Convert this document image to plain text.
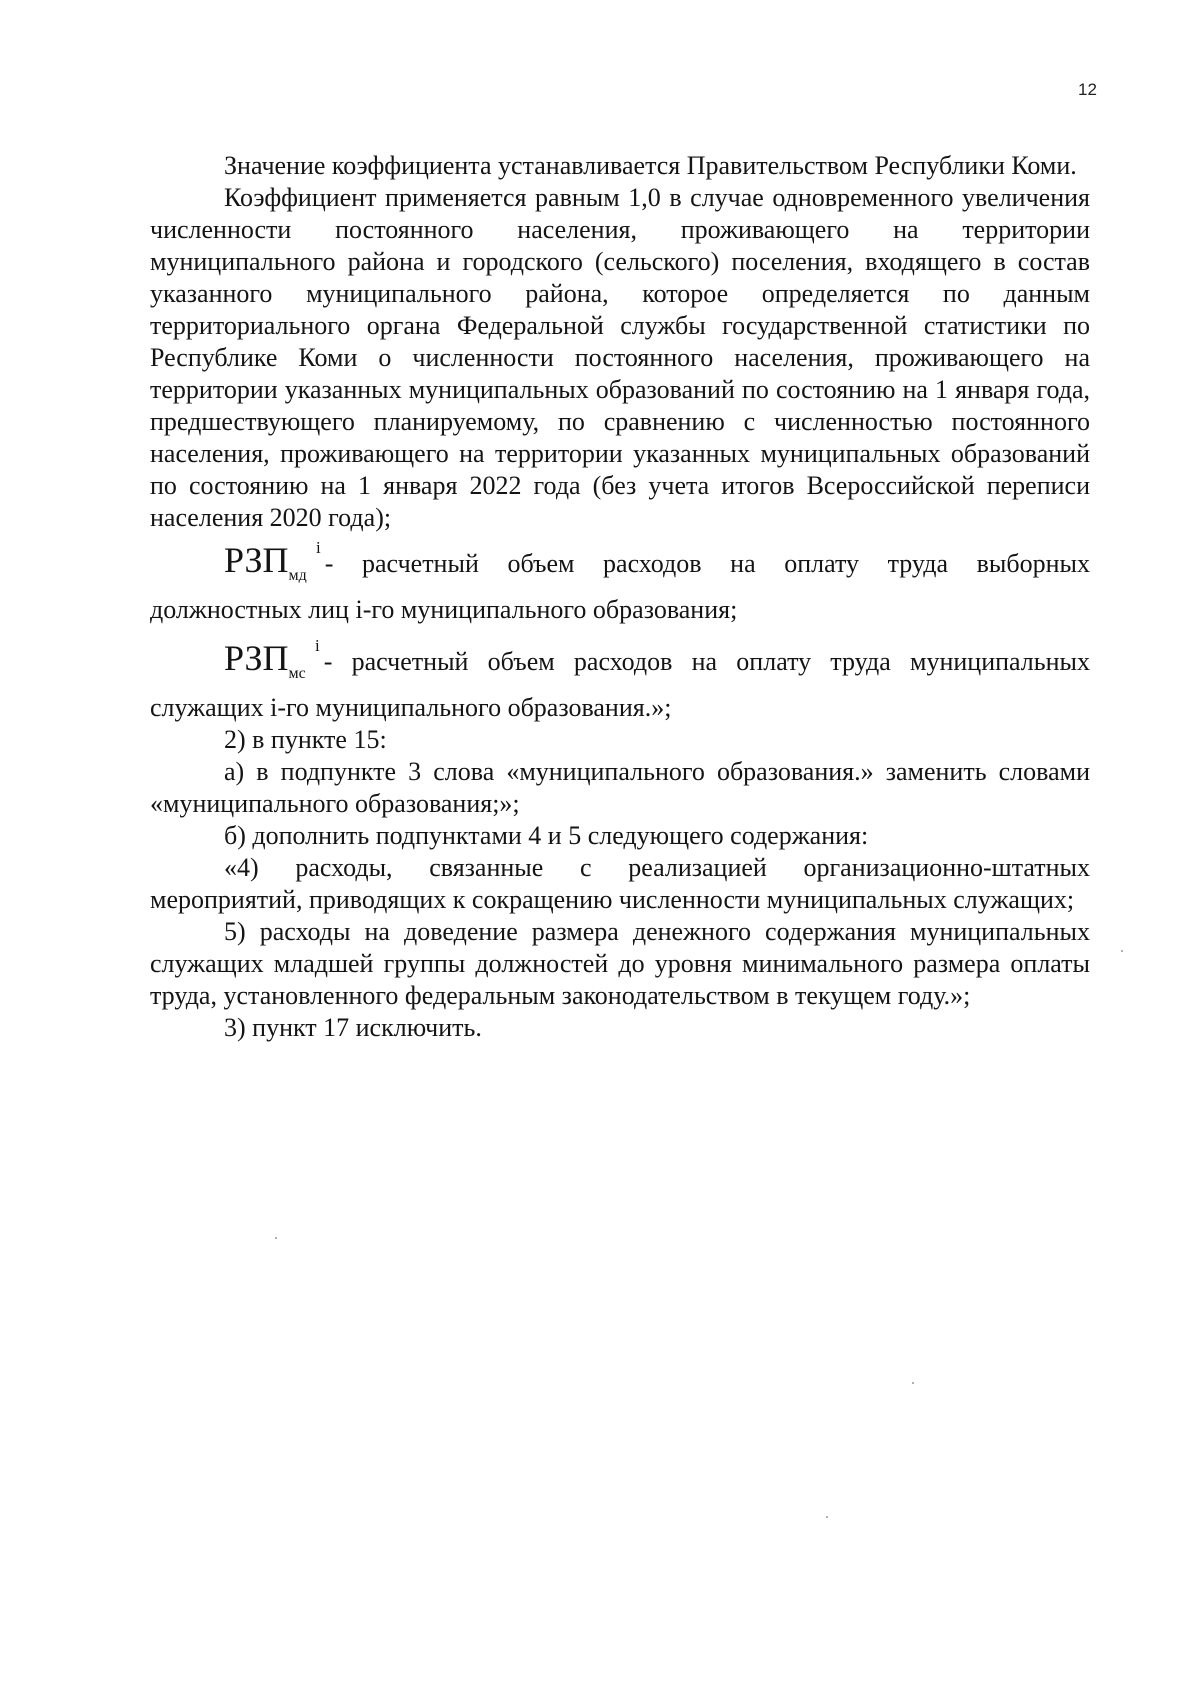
12

Значение коэффициента устанавливается Правительством Республики Коми.

Коэффициент применяется равным 1,0 в случае одновременного увеличения численности постоянного населения, проживающего на территории муниципального района и городского (сельского) поселения, входящего в состав указанного муниципального района, которое определяется по данным территориального органа Федеральной службы государственной статистики по Республике Коми о численности постоянного населения, проживающего на территории указанных муниципальных образований по состоянию на 1 января года, предшествующего планируемому, по сравнению с численностью постоянного населения, проживающего на территории указанных муниципальных образований по состоянию на 1 января 2022 года (без учета итогов Всероссийской переписи населения 2020 года);

$РЗП_{мд}$
i
- расчетный объем расходов на оплату труда выборных должностных лиц i-го муниципального образования;

$РЗП_{мс}$
i
- расчетный объем расходов на оплату труда муниципальных служащих i-го муниципального образования.»;

2) в пункте 15:

а) в подпункте 3 слова «муниципального образования.» заменить словами «муниципального образования;»;

б) дополнить подпунктами 4 и 5 следующего содержания:

«4) расходы, связанные с реализацией организационно-штатных мероприятий, приводящих к сокращению численности муниципальных служащих;

5) расходы на доведение размера денежного содержания муниципальных служащих младшей группы должностей до уровня минимального размера оплаты труда, установленного федеральным законодательством в текущем году.»;

3) пункт 17 исключить.
